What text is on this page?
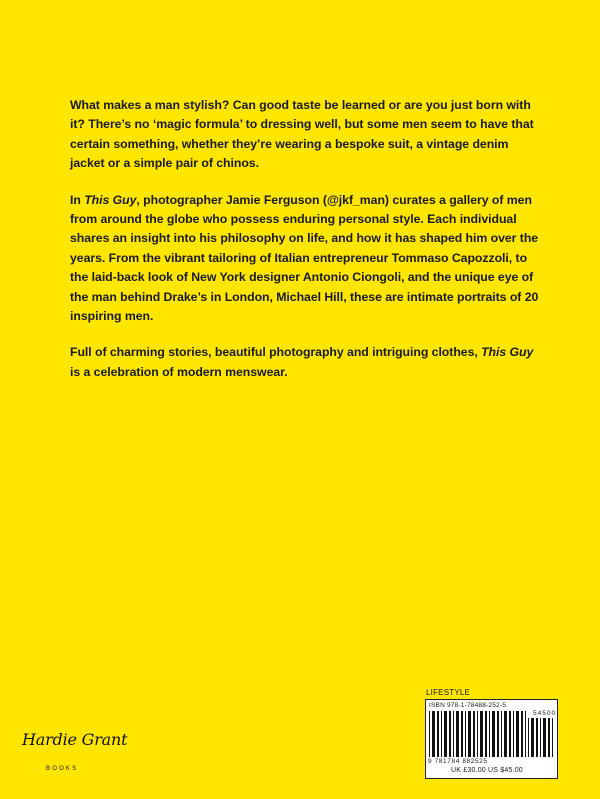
What makes a man stylish? Can good taste be learned or are you just born with it? There’s no ‘magic formula’ to dressing well, but some men seem to have that certain something, whether they’re wearing a bespoke suit, a vintage denim jacket or a simple pair of chinos.

In This Guy, photographer Jamie Ferguson (@jkf_man) curates a gallery of men from around the globe who possess enduring personal style. Each individual shares an insight into his philosophy on life, and how it has shaped him over the years. From the vibrant tailoring of Italian entrepreneur Tommaso Capozzoli, to the laid-back look of New York designer Antonio Ciongoli, and the unique eye of the man behind Drake’s in London, Michael Hill, these are intimate portraits of 20 inspiring men.

Full of charming stories, beautiful photography and intriguing clothes, This Guy is a celebration of modern menswear.

LIFESTYLE
ISBN 978-1-78488-252-5
54500
9 781784 882525
UK £30.00 US $45.00
Hardie Grant
BOOKS
